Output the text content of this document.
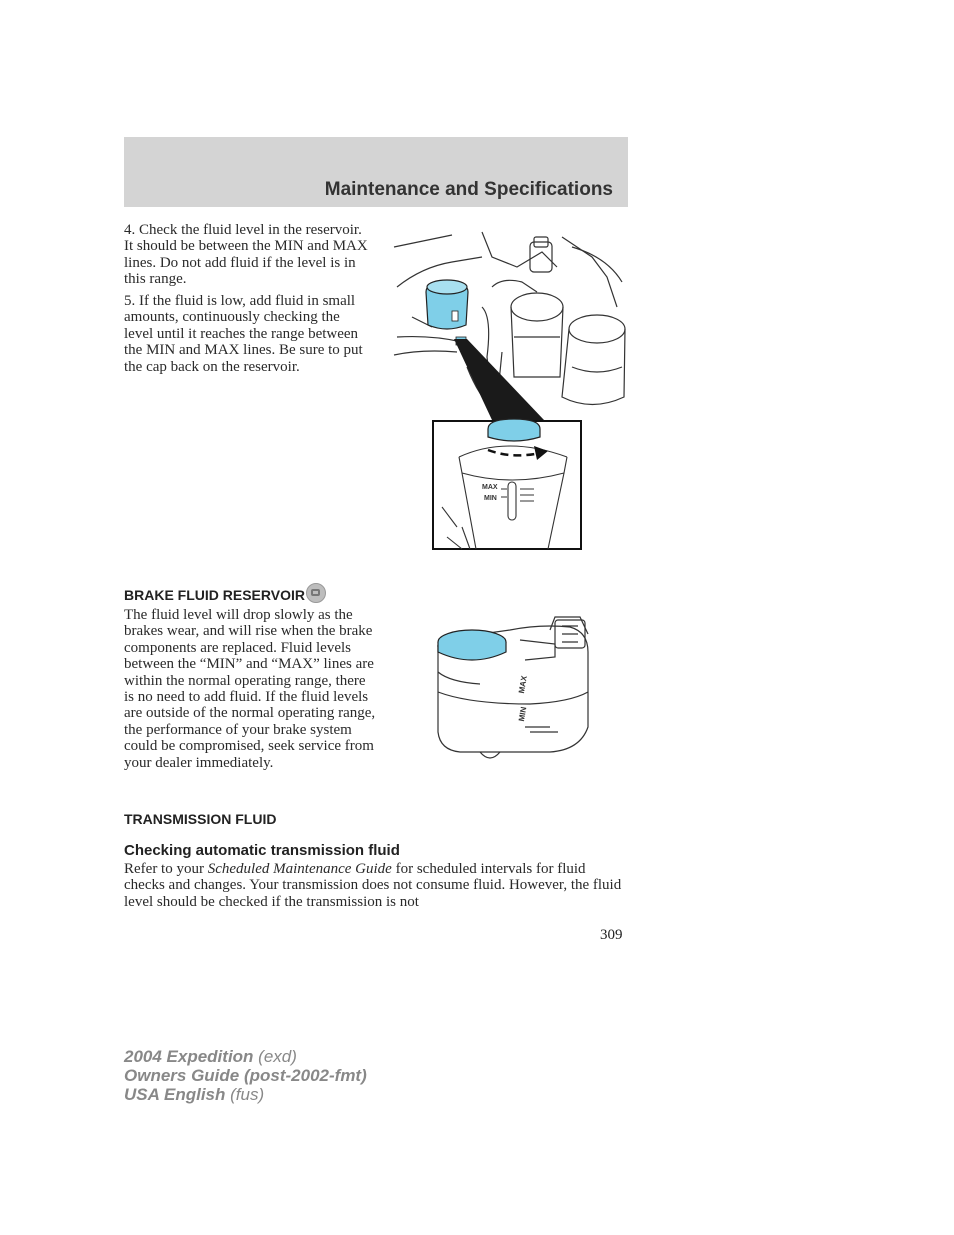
Maintenance and Specifications

4. Check the fluid level in the reservoir. It should be between the MIN and MAX lines. Do not add fluid if the level is in this range.

5. If the fluid is low, add fluid in small amounts, continuously checking the level until it reaches the range between the MIN and MAX lines. Be sure to put the cap back on the reservoir.

MAX
MIN
BRAKE FLUID RESERVOIR

The fluid level will drop slowly as the brakes wear, and will rise when the brake components are replaced. Fluid levels between the “MIN” and “MAX” lines are within the normal operating range, there is no need to add fluid. If the fluid levels are outside of the normal operating range, the performance of your brake system could be compromised, seek service from your dealer immediately.

MAX
MIN
TRANSMISSION FLUID
Checking automatic transmission fluid

Refer to your Scheduled Maintenance Guide for scheduled intervals for fluid checks and changes. Your transmission does not consume fluid. However, the fluid level should be checked if the transmission is not

309
2004 Expedition (exd)
Owners Guide (post-2002-fmt)
USA English (fus)
